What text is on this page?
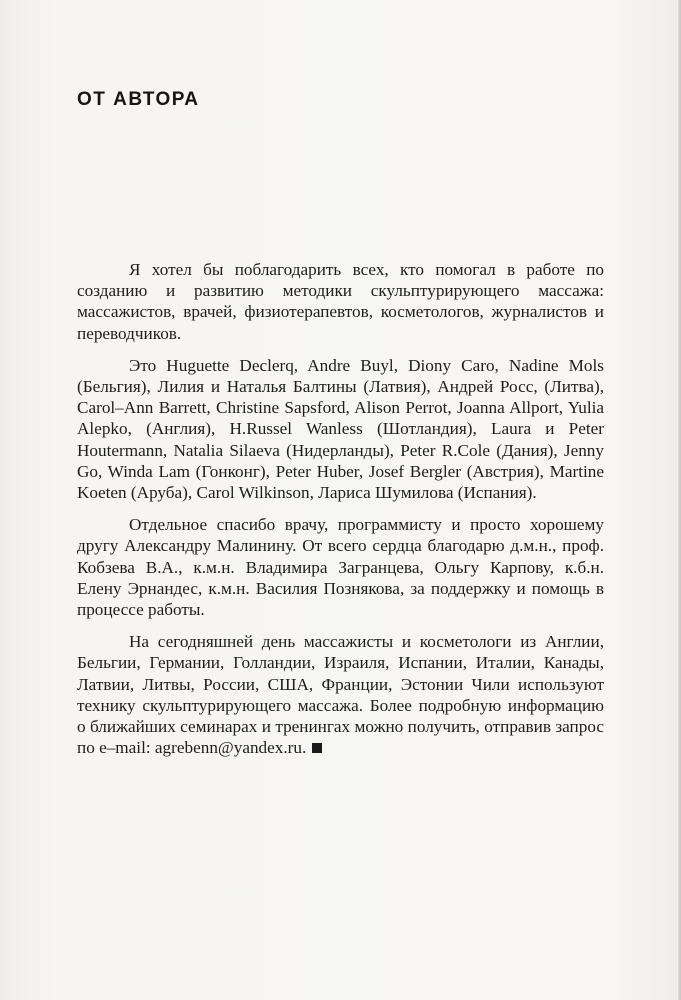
ОТ АВТОРА

Я хотел бы поблагодарить всех, кто помогал в работе по созданию и развитию методики скульптурирующего массажа: массажистов, врачей, физиотерапевтов, косметологов, журналистов и переводчиков.

Это Huguette Declerq, Andre Buyl, Diony Caro, Nadine Mols (Бельгия), Лилия и Наталья Балтины (Латвия), Андрей Росс, (Литва), Carol–Ann Barrett, Christine Sapsford, Alison Perrot, Joanna Allport, Yulia Alepko, (Англия), H.Russel Wanless (Шотландия), Laura и Peter Houtermann, Natalia Silaeva (Нидерланды), Peter R.Cole (Дания), Jenny Go, Winda Lam (Гонконг), Peter Huber, Josef Bergler (Австрия), Martine Koeten (Аруба), Carol Wilkinson, Лариса Шумилова (Испания).

Отдельное спасибо врачу, программисту и просто хорошему другу Александру Малинину. От всего сердца благодарю д.м.н., проф. Кобзева В.А., к.м.н. Владимира Загранцева, Ольгу Карпову, к.б.н. Елену Эрнандес, к.м.н. Василия Познякова, за поддержку и помощь в процессе работы.

На сегодняшней день массажисты и косметологи из Англии, Бельгии, Германии, Голландии, Израиля, Испании, Италии, Канады, Латвии, Литвы, России, США, Франции, Эстонии Чили используют технику скульптурирующего массажа. Более подробную информацию о ближайших семинарах и тренингах можно получить, отправив запрос по e–mail: agrebenn@yandex.ru.
